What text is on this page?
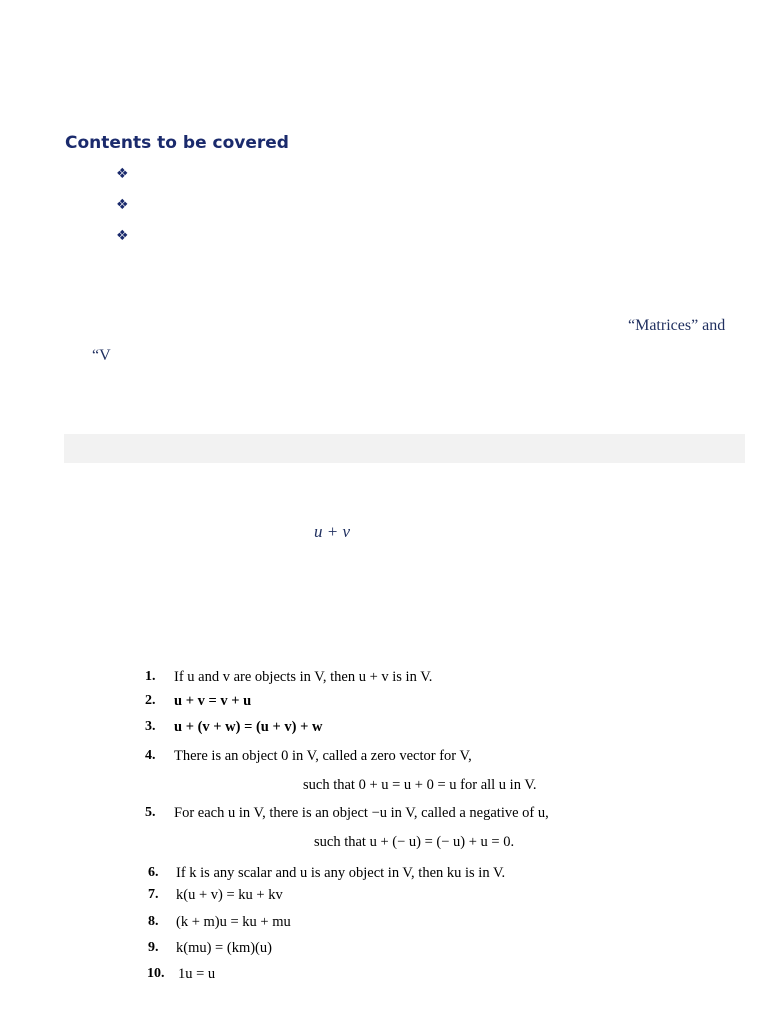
Contents to be covered
❖
❖
❖
“Matrices” and
“V
u + v
1. If u and v are objects in V, then u + v is in V.
2. u + v = v + u
3. u + (v + w) = (u + v) + w
4. There is an object 0 in V, called a zero vector for V,
such that 0 + u = u + 0 = u for all u in V.
5. For each u in V, there is an object −u in V, called a negative of u,
such that u + (− u) = (− u) + u = 0.
6. If k is any scalar and u is any object in V, then ku is in V.
7. k(u + v) = ku + kv
8. (k + m)u = ku + mu
9. k(mu) = (km)(u)
10. 1u = u
